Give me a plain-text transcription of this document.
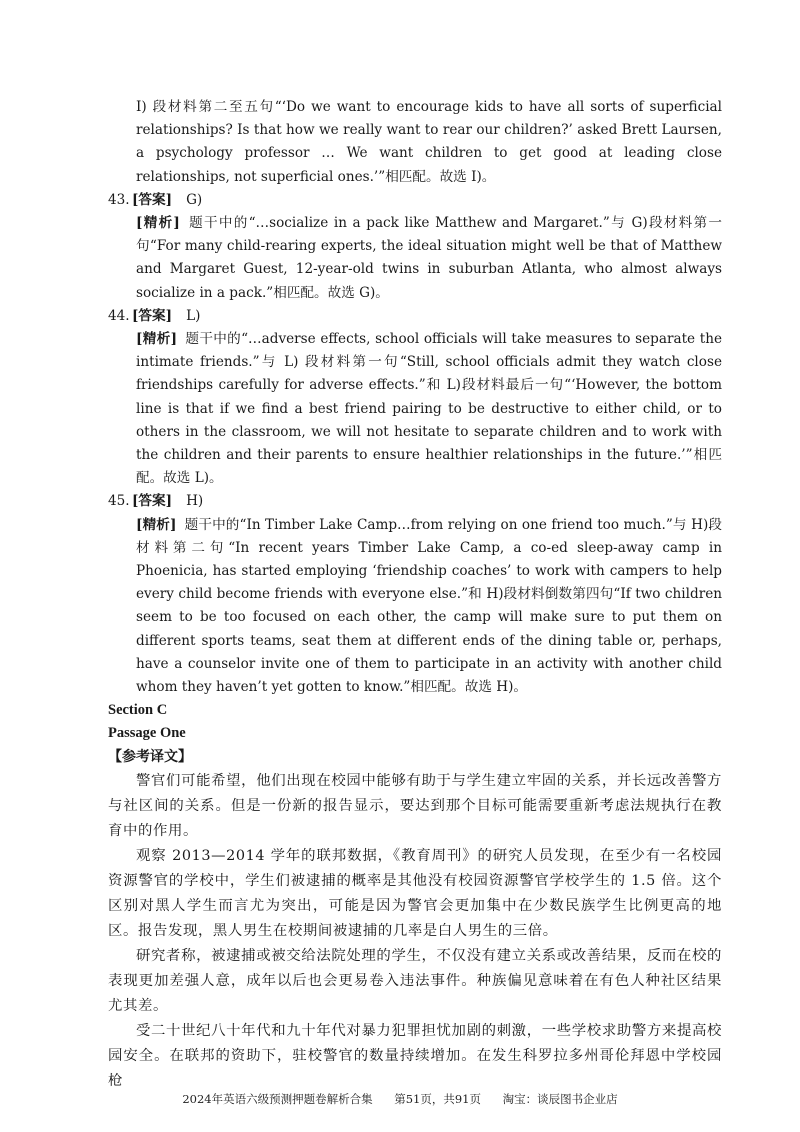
I) 段材料第二至五句“‘Do we want to encourage kids to have all sorts of superficial relationships? Is that how we really want to rear our children?’ asked Brett Laursen, a psychology professor … We want children to get good at leading close relationships, not superficial ones.’”相匹配。故选 I)。

43. [答案] G)

[精析] 题干中的“…socialize in a pack like Matthew and Margaret.”与 G)段材料第一句“For many child-rearing experts, the ideal situation might well be that of Matthew and Margaret Guest, 12-year-old twins in suburban Atlanta, who almost always socialize in a pack.”相匹配。故选 G)。

44. [答案] L)

[精析] 题干中的“…adverse effects, school officials will take measures to separate the intimate friends.”与 L) 段材料第一句“Still, school officials admit they watch close friendships carefully for adverse effects.”和 L)段材料最后一句“‘However, the bottom line is that if we find a best friend pairing to be destructive to either child, or to others in the classroom, we will not hesitate to separate children and to work with the children and their parents to ensure healthier relationships in the future.’”相匹配。故选 L)。

45. [答案] H)

[精析] 题干中的“In Timber Lake Camp…from relying on one friend too much.”与 H)段材料第二句“In recent years Timber Lake Camp, a co-ed sleep-away camp in Phoenicia, has started employing ‘friendship coaches’ to work with campers to help every child become friends with everyone else.”和 H)段材料倒数第四句“If two children seem to be too focused on each other, the camp will make sure to put them on different sports teams, seat them at different ends of the dining table or, perhaps, have a counselor invite one of them to participate in an activity with another child whom they haven’t yet gotten to know.”相匹配。故选 H)。

Section C

Passage One

【参考译文】

警官们可能希望，他们出现在校园中能够有助于与学生建立牢固的关系，并长远改善警方与社区间的关系。但是一份新的报告显示，要达到那个目标可能需要重新考虑法规执行在教育中的作用。

观察 2013—2014 学年的联邦数据，《教育周刊》的研究人员发现，在至少有一名校园资源警官的学校中，学生们被逮捕的概率是其他没有校园资源警官学校学生的 1.5 倍。这个区别对黑人学生而言尤为突出，可能是因为警官会更加集中在少数民族学生比例更高的地区。报告发现，黑人男生在校期间被逮捕的几率是白人男生的三倍。

研究者称，被逮捕或被交给法院处理的学生，不仅没有建立关系或改善结果，反而在校的表现更加差强人意，成年以后也会更易卷入违法事件。种族偏见意味着在有色人种社区结果尤其差。

受二十世纪八十年代和九十年代对暴力犯罪担忧加剧的刺激，一些学校求助警方来提高校园安全。在联邦的资助下，驻校警官的数量持续增加。在发生科罗拉多州哥伦拜恩中学校园枪

2024年英语六级预测押题卷解析合集 第51页，共91页 淘宝：谈辰图书企业店
